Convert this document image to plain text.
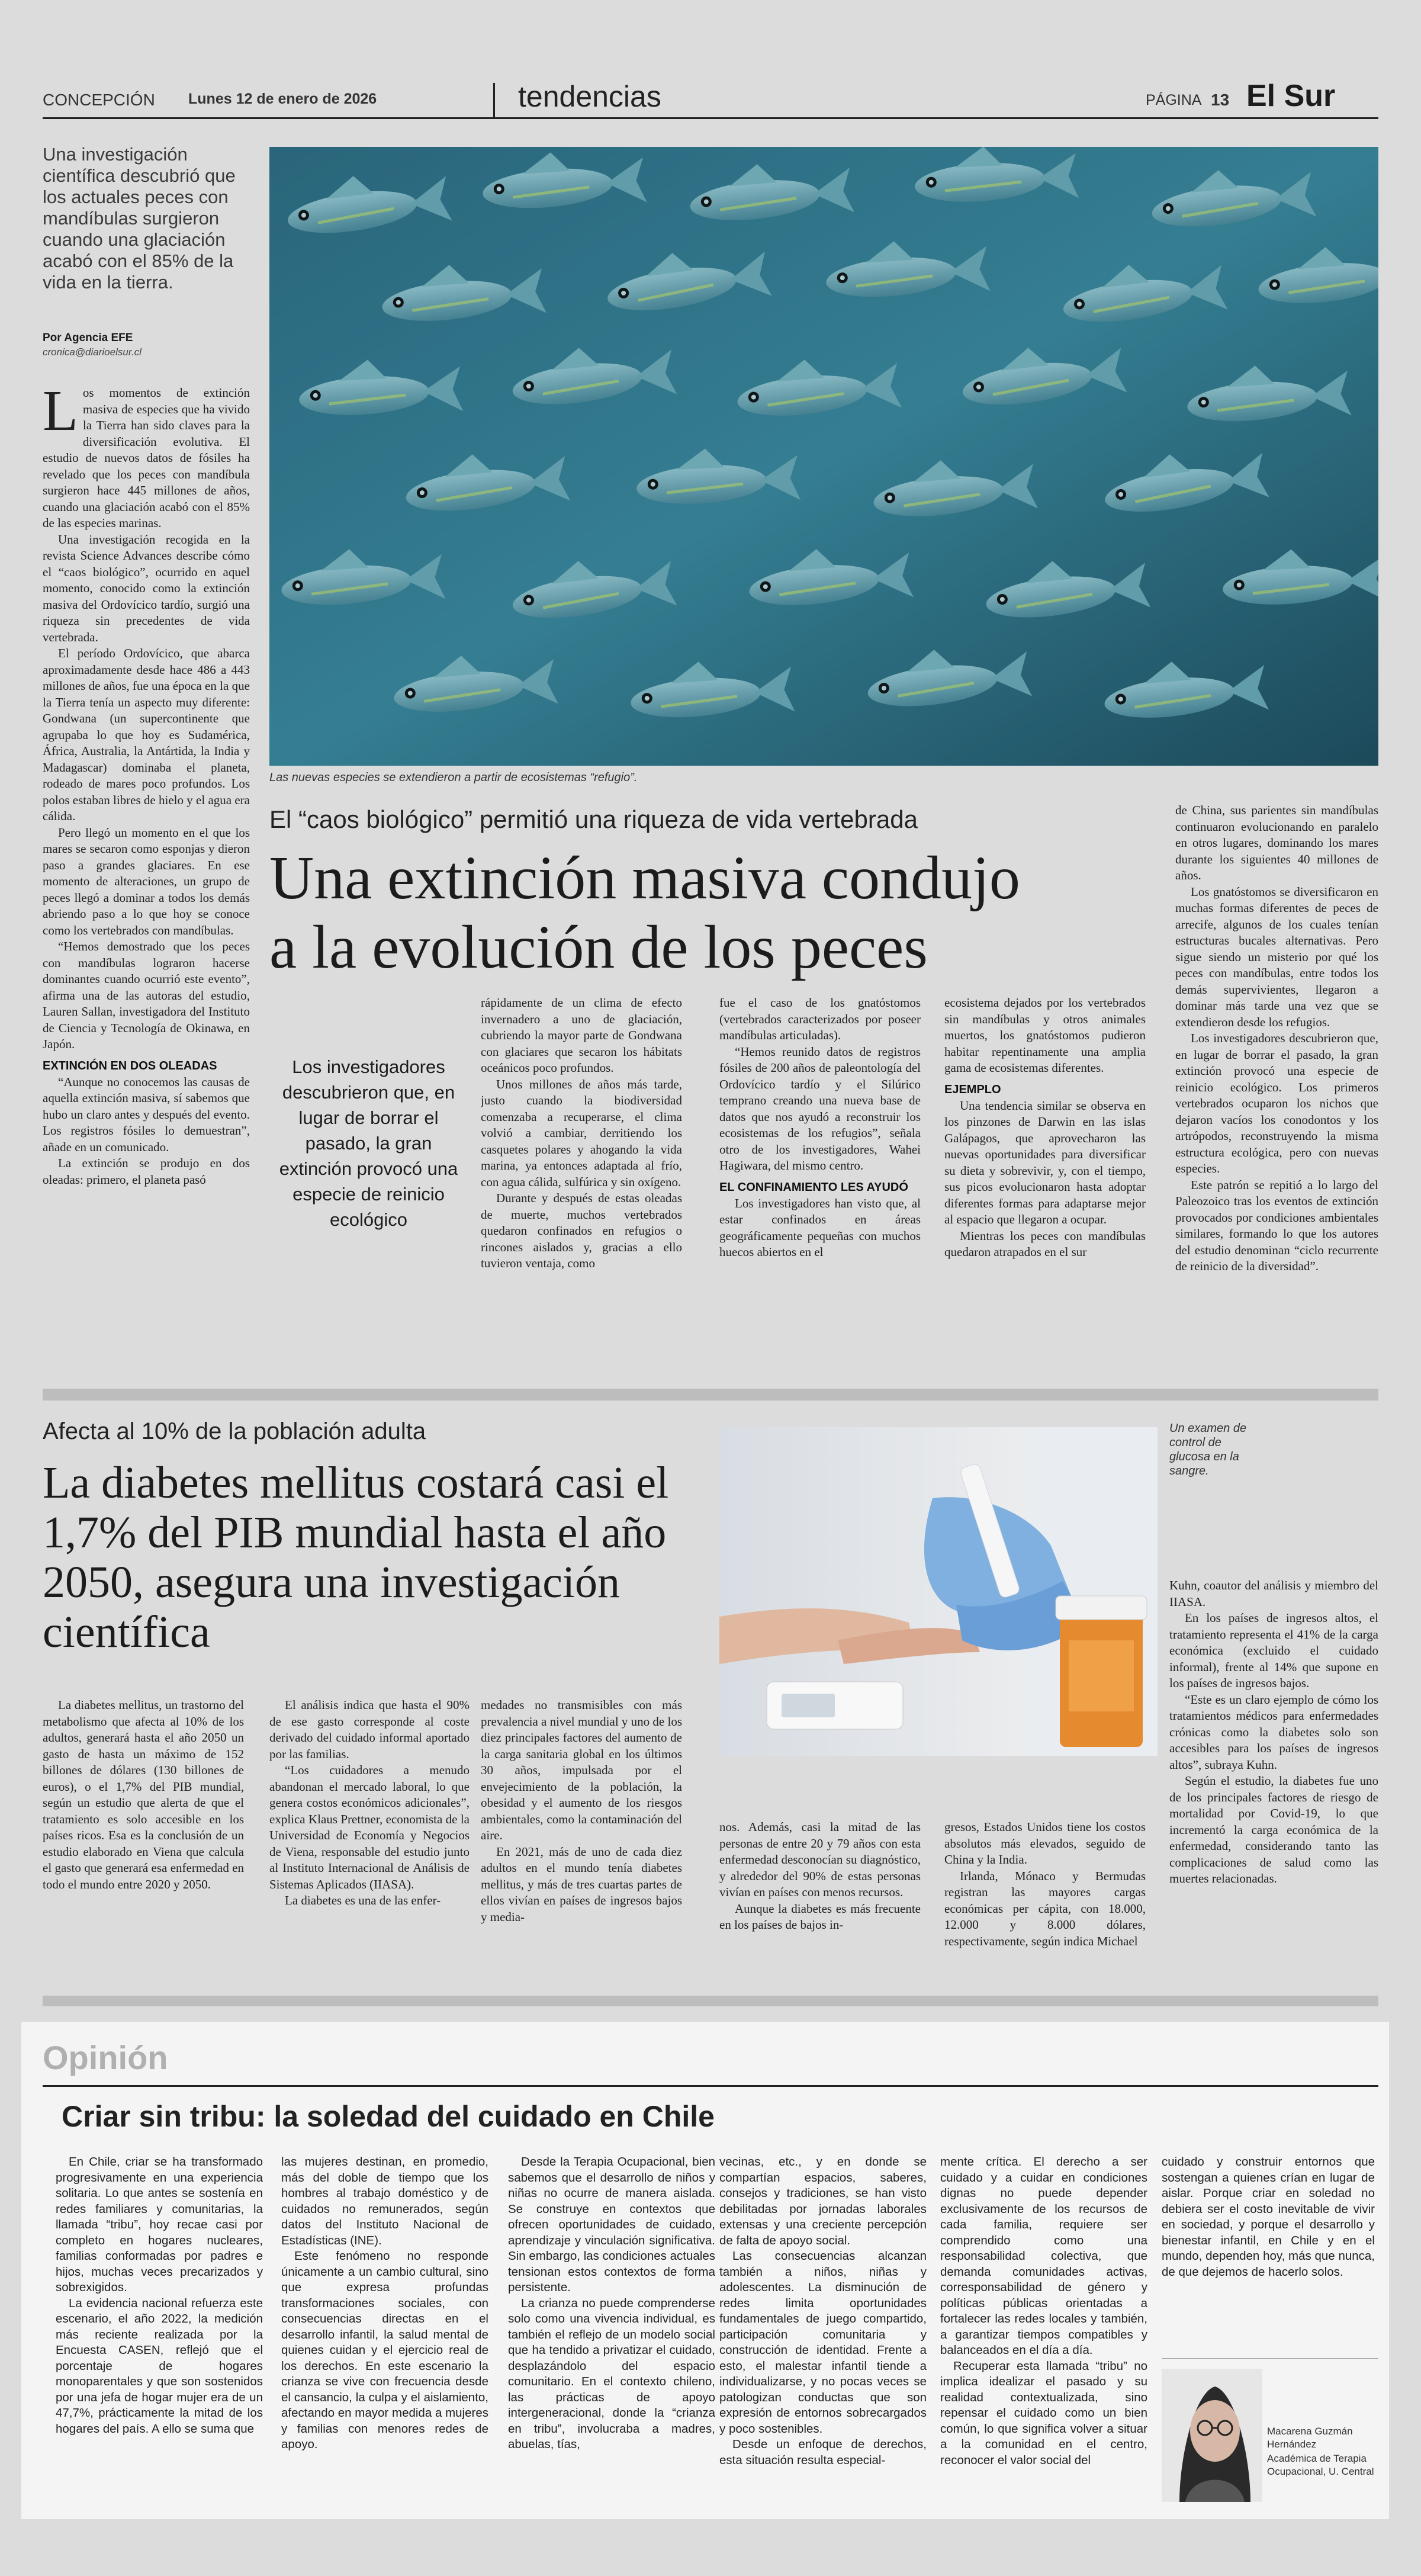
CONCEPCIÓN Lunes 12 de enero de 2026	tendencias	PÁGINA 13 El Sur
Una investigación científica descubrió que los actuales peces con mandíbulas surgieron cuando una glaciación acabó con el 85% de la vida en la tierra.
Por Agencia EFE
cronica@diarioelsur.cl
Las nuevas especies se extendieron a partir de ecosistemas “refugio”.
El “caos biológico” permitió una riqueza de vida vertebrada
Una extinción masiva condujo
a la evolución de los peces

Los momentos de extinción masiva de especies que ha vivido la Tierra han sido claves para la diversificación evolutiva. El estudio de nuevos datos de fósiles ha revelado que los peces con mandíbula surgieron hace 445 millones de años, cuando una glaciación acabó con el 85% de las especies marinas.

Una investigación recogida en la revista Science Advances describe cómo el “caos biológico”, ocurrido en aquel momento, conocido como la extinción masiva del Ordovícico tardío, surgió una riqueza sin precedentes de vida vertebrada.

El período Ordovícico, que abarca aproximadamente desde hace 486 a 443 millones de años, fue una época en la que la Tierra tenía un aspecto muy diferente: Gondwana (un supercontinente que agrupaba lo que hoy es Sudamérica, África, Australia, la Antártida, la India y Madagascar) dominaba el planeta, rodeado de mares poco profundos. Los polos estaban libres de hielo y el agua era cálida.

Pero llegó un momento en el que los mares se secaron como esponjas y dieron paso a grandes glaciares. En ese momento de alteraciones, un grupo de peces llegó a dominar a todos los demás abriendo paso a lo que hoy se conoce como los vertebrados con mandíbulas.

“Hemos demostrado que los peces con mandíbulas lograron hacerse dominantes cuando ocurrió este evento”, afirma una de las autoras del estudio, Lauren Sallan, investigadora del Instituto de Ciencia y Tecnología de Okinawa, en Japón.

EXTINCIÓN EN DOS OLEADAS

“Aunque no conocemos las causas de aquella extinción masiva, sí sabemos que hubo un claro antes y después del evento. Los registros fósiles lo demuestran”, añade en un comunicado.

La extinción se produjo en dos oleadas: primero, el planeta pasó

Los investigadores descubrieron que, en lugar de borrar el pasado, la gran extinción provocó una especie de reinicio ecológico

rápidamente de un clima de efecto invernadero a uno de glaciación, cubriendo la mayor parte de Gondwana con glaciares que secaron los hábitats oceánicos poco profundos.

Unos millones de años más tarde, justo cuando la biodiversidad comenzaba a recuperarse, el clima volvió a cambiar, derritiendo los casquetes polares y ahogando la vida marina, ya entonces adaptada al frío, con agua cálida, sulfúrica y sin oxígeno.

Durante y después de estas oleadas de muerte, muchos vertebrados quedaron confinados en refugios o rincones aislados y, gracias a ello tuvieron ventaja, como

fue el caso de los gnatóstomos (vertebrados caracterizados por poseer mandíbulas articuladas).

“Hemos reunido datos de registros fósiles de 200 años de paleontología del Ordovícico tardío y el Silúrico temprano creando una nueva base de datos que nos ayudó a reconstruir los ecosistemas de los refugios”, señala otro de los investigadores, Wahei Hagiwara, del mismo centro.

EL CONFINAMIENTO LES AYUDÓ

Los investigadores han visto que, al estar confinados en áreas geográficamente pequeñas con muchos huecos abiertos en el

ecosistema dejados por los vertebrados sin mandíbulas y otros animales muertos, los gnatóstomos pudieron habitar repentinamente una amplia gama de ecosistemas diferentes.

EJEMPLO

Una tendencia similar se observa en los pinzones de Darwin en las islas Galápagos, que aprovecharon las nuevas oportunidades para diversificar su dieta y sobrevivir, y, con el tiempo, sus picos evolucionaron hasta adoptar diferentes formas para adaptarse mejor al espacio que llegaron a ocupar.

Mientras los peces con mandíbulas quedaron atrapados en el sur

de China, sus parientes sin mandíbulas continuaron evolucionando en paralelo en otros lugares, dominando los mares durante los siguientes 40 millones de años.

Los gnatóstomos se diversificaron en muchas formas diferentes de peces de arrecife, algunos de los cuales tenían estructuras bucales alternativas. Pero sigue siendo un misterio por qué los peces con mandíbulas, entre todos los demás supervivientes, llegaron a dominar más tarde una vez que se extendieron desde los refugios.

Los investigadores descubrieron que, en lugar de borrar el pasado, la gran extinción provocó una especie de reinicio ecológico. Los primeros vertebrados ocuparon los nichos que dejaron vacíos los conodontos y los artrópodos, reconstruyendo la misma estructura ecológica, pero con nuevas especies.

Este patrón se repitió a lo largo del Paleozoico tras los eventos de extinción provocados por condiciones ambientales similares, formando lo que los autores del estudio denominan “ciclo recurrente de reinicio de la diversidad”.

Afecta al 10% de la población adulta
La diabetes mellitus costará casi el 1,7% del PIB mundial hasta el año 2050, asegura una investigación científica
Un examen de control de glucosa en la sangre.

La diabetes mellitus, un trastorno del metabolismo que afecta al 10% de los adultos, generará hasta el año 2050 un gasto de hasta un máximo de 152 billones de dólares (130 billones de euros), o el 1,7% del PIB mundial, según un estudio que alerta de que el tratamiento es solo accesible en los países ricos. Esa es la conclusión de un estudio elaborado en Viena que calcula el gasto que generará esa enfermedad en todo el mundo entre 2020 y 2050.

El análisis indica que hasta el 90% de ese gasto corresponde al coste derivado del cuidado informal aportado por las familias.

“Los cuidadores a menudo abandonan el mercado laboral, lo que genera costos económicos adicionales”, explica Klaus Prettner, economista de la Universidad de Economía y Negocios de Viena, responsable del estudio junto al Instituto Internacional de Análisis de Sistemas Aplicados (IIASA).

La diabetes es una de las enfer-

medades no transmisibles con más prevalencia a nivel mundial y uno de los diez principales factores del aumento de la carga sanitaria global en los últimos 30 años, impulsada por el envejecimiento de la población, la obesidad y el aumento de los riesgos ambientales, como la contaminación del aire.

En 2021, más de uno de cada diez adultos en el mundo tenía diabetes mellitus, y más de tres cuartas partes de ellos vivían en países de ingresos bajos y media-

nos. Además, casi la mitad de las personas de entre 20 y 79 años con esta enfermedad desconocían su diagnóstico, y alrededor del 90% de estas personas vivían en países con menos recursos.

Aunque la diabetes es más frecuente en los países de bajos in-

gresos, Estados Unidos tiene los costos absolutos más elevados, seguido de China y la India.

Irlanda, Mónaco y Bermudas registran las mayores cargas económicas per cápita, con 18.000, 12.000 y 8.000 dólares, respectivamente, según indica Michael

Kuhn, coautor del análisis y miembro del IIASA.

En los países de ingresos altos, el tratamiento representa el 41% de la carga económica (excluido el cuidado informal), frente al 14% que supone en los países de ingresos bajos.

“Este es un claro ejemplo de cómo los tratamientos médicos para enfermedades crónicas como la diabetes solo son accesibles para los países de ingresos altos”, subraya Kuhn.

Según el estudio, la diabetes fue uno de los principales factores de riesgo de mortalidad por Covid-19, lo que incrementó la carga económica de la enfermedad, considerando tanto las complicaciones de salud como las muertes relacionadas.

Opinión
Criar sin tribu: la soledad del cuidado en Chile

En Chile, criar se ha transformado progresivamente en una experiencia solitaria. Lo que antes se sostenía en redes familiares y comunitarias, la llamada “tribu”, hoy recae casi por completo en hogares nucleares, familias conformadas por padres e hijos, muchas veces precarizados y sobrexigidos.

La evidencia nacional refuerza este escenario, el año 2022, la medición más reciente realizada por la Encuesta CASEN, reflejó que el porcentaje de hogares monoparentales y que son sostenidos por una jefa de hogar mujer era de un 47,7%, prácticamente la mitad de los hogares del país. A ello se suma que

las mujeres destinan, en promedio, más del doble de tiempo que los hombres al trabajo doméstico y de cuidados no remunerados, según datos del Instituto Nacional de Estadísticas (INE).

Este fenómeno no responde únicamente a un cambio cultural, sino que expresa profundas transformaciones sociales, con consecuencias directas en el desarrollo infantil, la salud mental de quienes cuidan y el ejercicio real de los derechos. En este escenario la crianza se vive con frecuencia desde el cansancio, la culpa y el aislamiento, afectando en mayor medida a mujeres y familias con menores redes de apoyo.

Desde la Terapia Ocupacional, bien sabemos que el desarrollo de niños y niñas no ocurre de manera aislada. Se construye en contextos que ofrecen oportunidades de cuidado, aprendizaje y vinculación significativa. Sin embargo, las condiciones actuales tensionan estos contextos de forma persistente.

La crianza no puede comprenderse solo como una vivencia individual, es también el reflejo de un modelo social que ha tendido a privatizar el cuidado, desplazándolo del espacio comunitario. En el contexto chileno, las prácticas de apoyo intergeneracional, donde la “crianza en tribu”, involucraba a madres, abuelas, tías,

vecinas, etc., y en donde se compartían espacios, saberes, consejos y tradiciones, se han visto debilitadas por jornadas laborales extensas y una creciente percepción de falta de apoyo social.

Las consecuencias alcanzan también a niños, niñas y adolescentes. La disminución de redes limita oportunidades fundamentales de juego compartido, participación comunitaria y construcción de identidad. Frente a esto, el malestar infantil tiende a individualizarse, y no pocas veces se patologizan conductas que son expresión de entornos sobrecargados y poco sostenibles.

Desde un enfoque de derechos, esta situación resulta especial-

mente crítica. El derecho a ser cuidado y a cuidar en condiciones dignas no puede depender exclusivamente de los recursos de cada familia, requiere ser comprendido como una responsabilidad colectiva, que demanda comunidades activas, corresponsabilidad de género y políticas públicas orientadas a fortalecer las redes locales y también, a garantizar tiempos compatibles y balanceados en el día a día.

Recuperar esta llamada “tribu” no implica idealizar el pasado y su realidad contextualizada, sino repensar el cuidado como un bien común, lo que significa volver a situar a la comunidad en el centro, reconocer el valor social del

cuidado y construir entornos que sostengan a quienes crían en lugar de aislar. Porque criar en soledad no debiera ser el costo inevitable de vivir en sociedad, y porque el desarrollo y bienestar infantil, en Chile y en el mundo, dependen hoy, más que nunca, de que dejemos de hacerlo solos.

Macarena Guzmán Hernández
Académica de Terapia Ocupacional, U. Central
